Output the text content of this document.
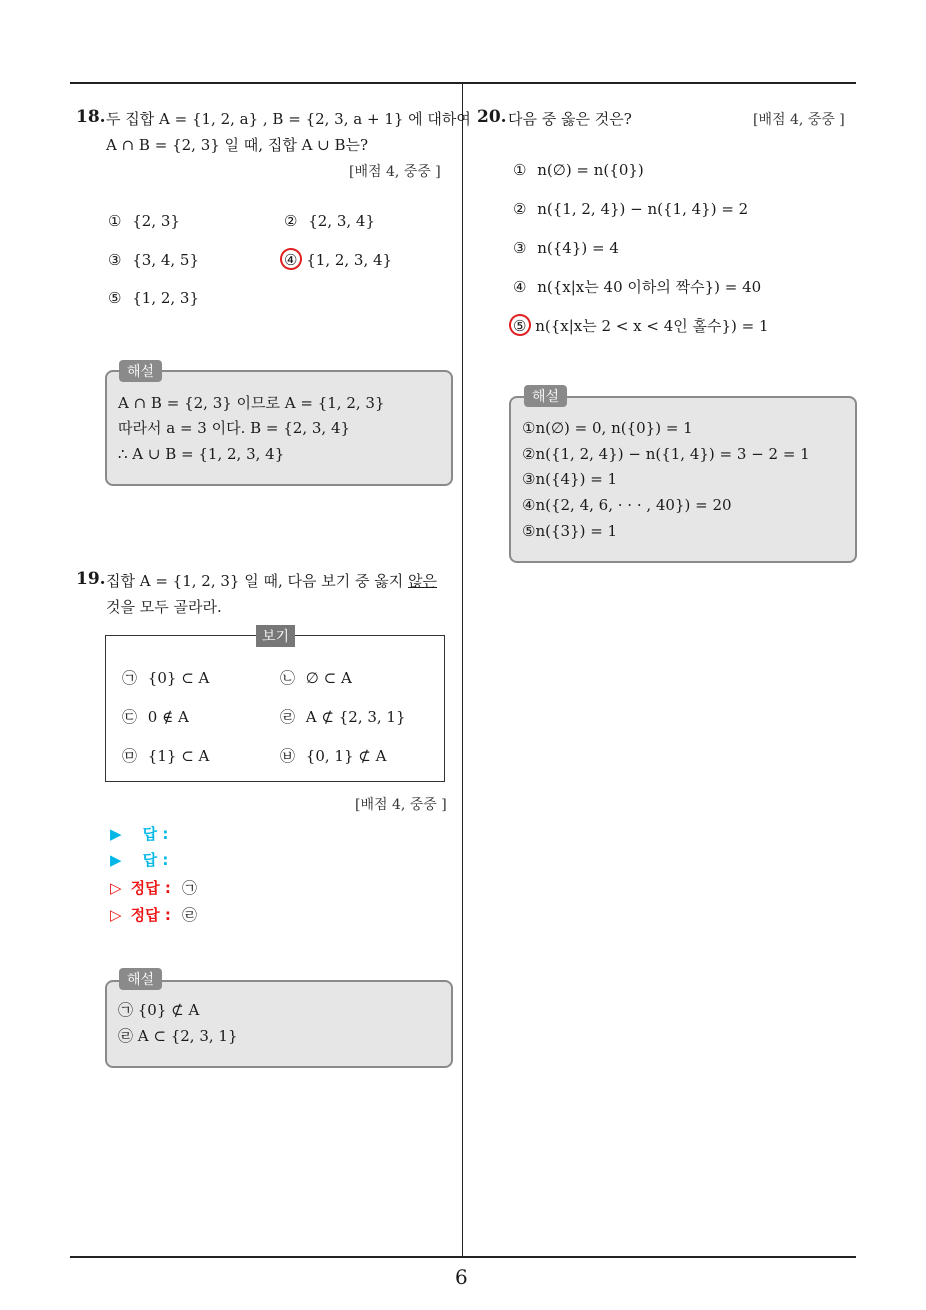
6
18. 두 집합 A = {1, 2, a} , B = {2, 3, a + 1} 에 대하여
A ∩ B = {2, 3} 일 때, 집합 A ∪ B는?
[배점 4, 중중 ]
① {2, 3}	② {2, 3, 4}
③ {3, 4, 5}	④ {1, 2, 3, 4}
⑤ {1, 2, 3}
해설
A ∩ B = {2, 3} 이므로 A = {1, 2, 3}
따라서 a = 3 이다. B = {2, 3, 4}
∴ A ∪ B = {1, 2, 3, 4}
19. 집합 A = {1, 2, 3} 일 때, 다음 보기 중 옳지 않은
것을 모두 골라라.
보기
㉠ {0} ⊂ A	㉡ ∅ ⊂ A
㉢ 0 ∉ A	㉣ A ⊄ {2, 3, 1}
㉤ {1} ⊂ A	㉥ {0, 1} ⊄ A
[배점 4, 중중 ]
▶ 답 :
▶ 답 :
▷ 정답 : ㉠
▷ 정답 : ㉣
해설
㉠ {0} ⊄ A
㉣ A ⊂ {2, 3, 1}
20. 다음 중 옳은 것은?	[배점 4, 중중 ]
① n(∅) = n({0})
② n({1, 2, 4}) − n({1, 4}) = 2
③ n({4}) = 4
④ n({x|x는 40 이하의 짝수}) = 40
⑤ n({x|x는 2 < x < 4인 홀수}) = 1
해설
①n(∅) = 0, n({0}) = 1
②n({1, 2, 4}) − n({1, 4}) = 3 − 2 = 1
③n({4}) = 1
④n({2, 4, 6, · · · , 40}) = 20
⑤n({3}) = 1
